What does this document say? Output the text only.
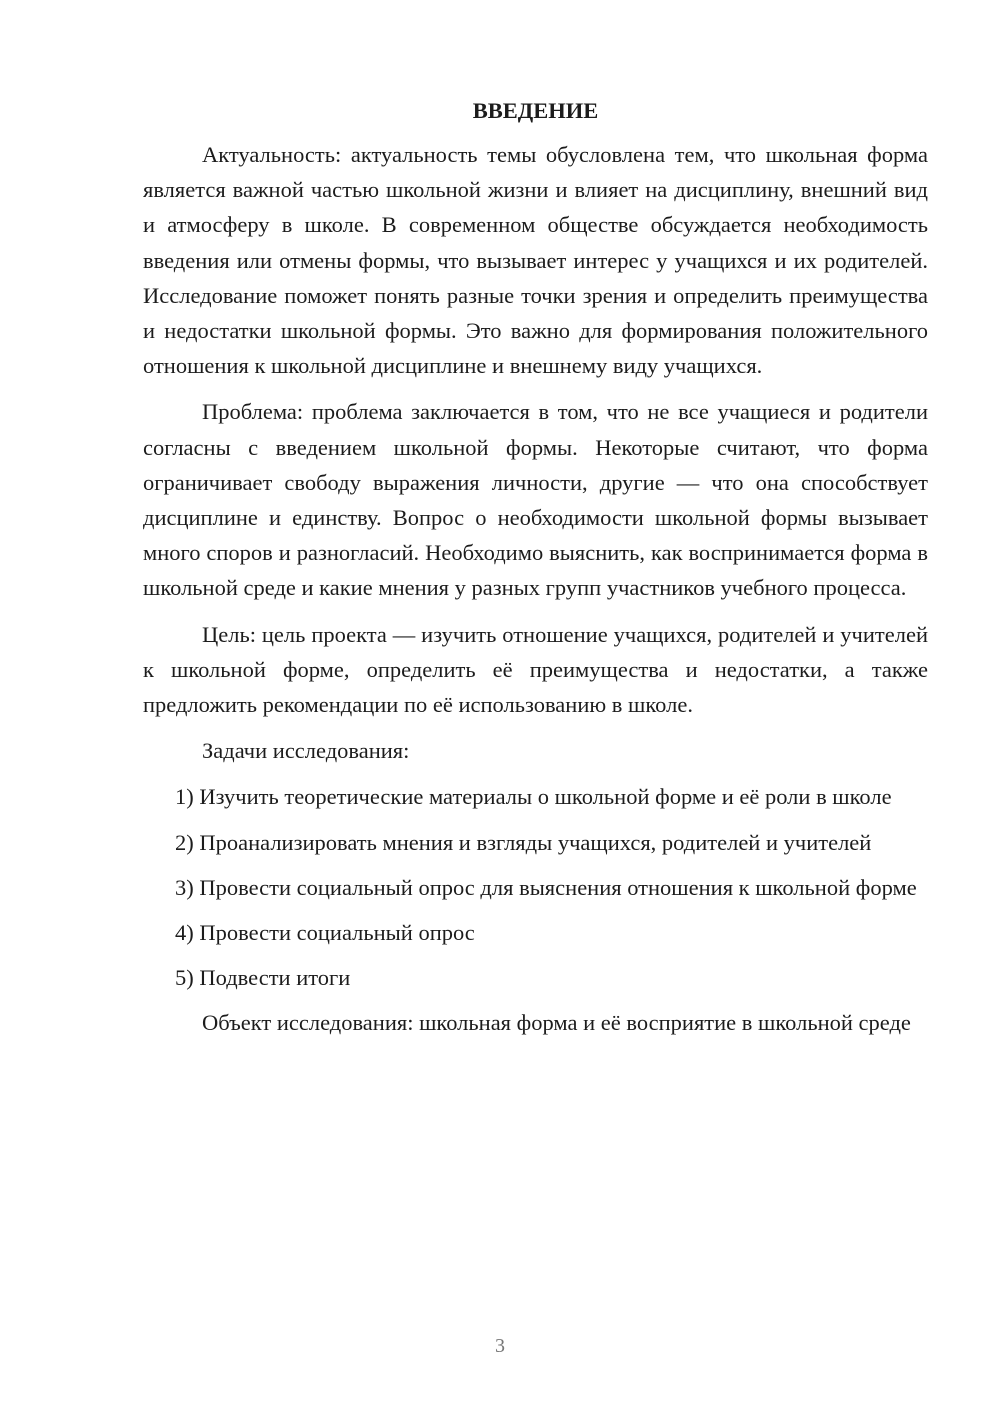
ВВЕДЕНИЕ

Актуальность: актуальность темы обусловлена тем, что школьная форма является важной частью школьной жизни и влияет на дисциплину, внешний вид и атмосферу в школе. В современном обществе обсуждается необходимость введения или отмены формы, что вызывает интерес у учащихся и их родителей. Исследование поможет понять разные точки зрения и определить преимущества и недостатки школьной формы. Это важно для формирования положительного отношения к школьной дисциплине и внешнему виду учащихся.

Проблема: проблема заключается в том, что не все учащиеся и родители согласны с введением школьной формы. Некоторые считают, что форма ограничивает свободу выражения личности, другие — что она способствует дисциплине и единству. Вопрос о необходимости школьной формы вызывает много споров и разногласий. Необходимо выяснить, как воспринимается форма в школьной среде и какие мнения у разных групп участников учебного процесса.

Цель: цель проекта — изучить отношение учащихся, родителей и учителей к школьной форме, определить её преимущества и недостатки, а также предложить рекомендации по её использованию в школе.

Задачи исследования:

1) Изучить теоретические материалы о школьной форме и её роли в школе

2) Проанализировать мнения и взгляды учащихся, родителей и учителей

3) Провести социальный опрос для выяснения отношения к школьной форме

4) Провести социальный опрос

5) Подвести итоги

Объект исследования: школьная форма и её восприятие в школьной среде

3
